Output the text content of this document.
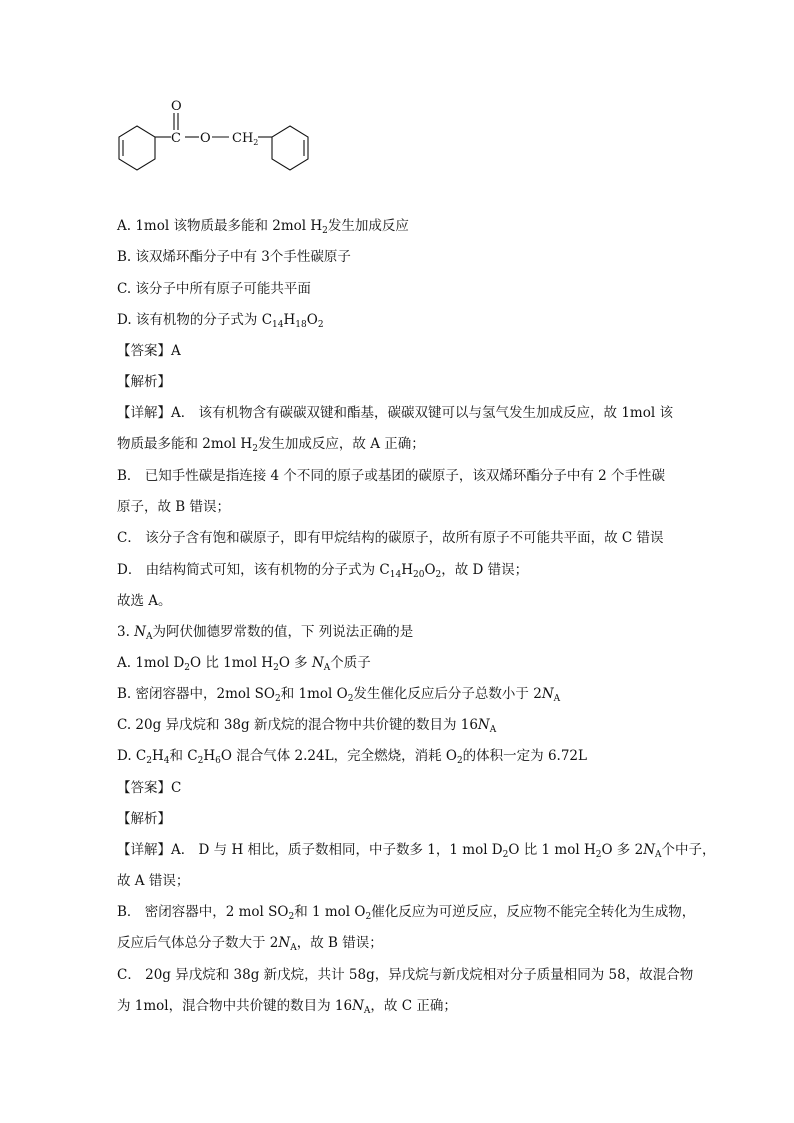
O
C O $CH_2$
A. 1mol 该物质最多能和 2mol $H_2$发生加成反应
B. 该双烯环酯分子中有 3个手性碳原子
C. 该分子中所有原子可能共平面
D. 该有机物的分子式为 $C_{14}H_{18}O_2$
【答案】A
【解析】
【详解】A． 该有机物含有碳碳双键和酯基，碳碳双键可以与氢气发生加成反应，故 1mol 该
物质最多能和 2mol $H_2$发生加成反应，故 A 正确；
B． 已知手性碳是指连接 4 个不同的原子或基团的碳原子，该双烯环酯分子中有 2 个手性碳
原子，故 B 错误；
C． 该分子含有饱和碳原子，即有甲烷结构的碳原子，故所有原子不可能共平面，故 C 错误
D． 由结构简式可知，该有机物的分子式为 $C_{14}H_{20}O_2$，故 D 错误；
故选 A。
3. $N_A$为阿伏伽德罗常数的值，下 列说法正确的是
A. 1mol $D_2O$ 比 1mol $H_2O$ 多 $N_A$个质子
B. 密闭容器中，2mol $SO_2$和 1mol $O_2$发生催化反应后分子总数小于 $2N_A$
C. 20g 异戊烷和 38g 新戊烷的混合物中共价键的数目为 $16N_A$
D. $C_2H_4$和 $C_2H_6O$ 混合气体 2.24L，完全燃烧，消耗 $O_2$的体积一定为 6.72L
【答案】C
【解析】
【详解】A． D 与 H 相比，质子数相同，中子数多 1，1 mol $D_2O$ 比 1 mol $H_2O$ 多 $2N_A$个中子，
故 A 错误；
B． 密闭容器中，2 mol $SO_2$和 1 mol $O_2$催化反应为可逆反应，反应物不能完全转化为生成物，
反应后气体总分子数大于 $2N_A$，故 B 错误；
C． 20g 异戊烷和 38g 新戊烷，共计 58g，异戊烷与新戊烷相对分子质量相同为 58，故混合物
为 1mol，混合物中共价键的数目为 $16N_A$，故 C 正确；
